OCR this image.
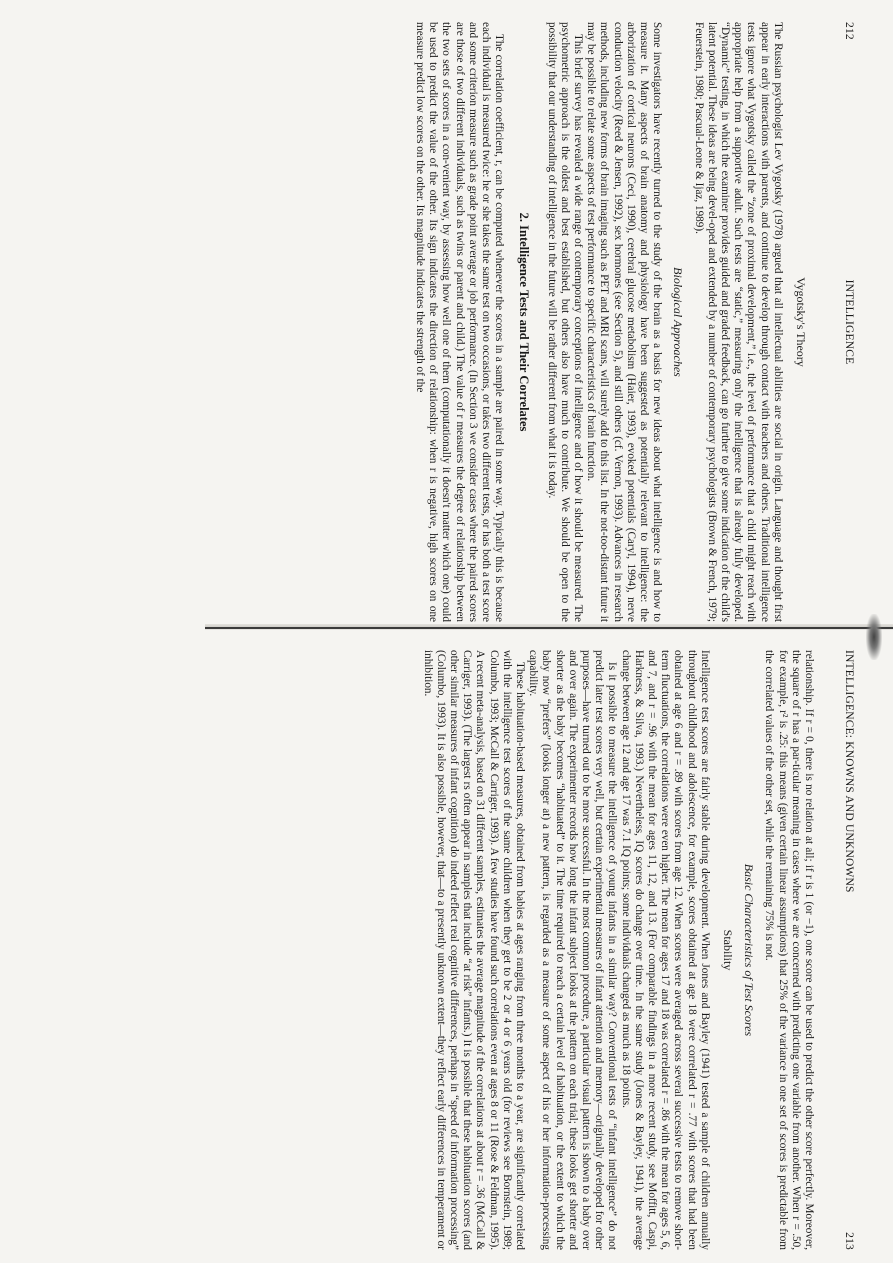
212
INTELLIGENCE
Vygotsky's Theory

The Russian psychologist Lev Vygotsky (1978) argued that all intellectual abilities are social in origin. Language and thought first appear in early interactions with parents, and continue to develop through contact with teachers and others. Traditional intelligence tests ignore what Vygotsky called the “zone of proximal development,” i.e., the level of performance that a child might reach with appropriate help from a supportive adult. Such tests are “static,” measuring only the intelligence that is already fully developed. “Dynamic” testing, in which the examiner provides guided and graded feedback, can go further to give some indication of the child's latent potential. These ideas are being devel-oped and extended by a number of contemporary psychologists (Brown & French, 1979; Feuerstein, 1980; Pascual-Leone & Ijaz, 1989).

Biological Approaches

Some investigators have recently turned to the study of the brain as a basis for new ideas about what intelligence is and how to measure it. Many aspects of brain anatomy and physiology have been suggested as potentially relevant to intelligence: the arborization of cortical neurons (Ceci, 1990), cerebral glucose metabolism (Haier, 1993), evoked potentials (Caryl, 1994), nerve conduction velocity (Reed & Jensen, 1992), sex hormones (see Section 5), and still others (cf. Vernon, 1993). Advances in research methods, including new forms of brain imaging such as PET and MRI scans, will surely add to this list. In the not-too-distant future it may be possible to relate some aspects of test performance to specific characteristics of brain function.

This brief survey has revealed a wide range of contemporary conceptions of intelligence and of how it should be measured. The psychometric approach is the oldest and best established, but others also have much to contribute. We should be open to the possibility that our understanding of intelligence in the future will be rather different from what it is today.

2. Intelligence Tests and Their Correlates

The correlation coefficient, r, can be computed whenever the scores in a sample are paired in some way. Typically this is because each individual is measured twice: he or she takes the same test on two occasions, or takes two different tests, or has both a test score and some criterion measure such as grade point average or job performance. (In Section 3 we consider cases where the paired scores are those of two different individuals, such as twins or parent and child.) The value of r measures the degree of relationship between the two sets of scores in a con-venient way, by assessing how well one of them (computationally it doesn't matter which one) could be used to predict the value of the other. Its sign indicates the direction of relationship: when r is negative, high scores on one measure predict low scores on the other. Its magnitude indicates the strength of the

INTELLIGENCE: KNOWNS AND UNKNOWNS
213

relationship. If r = 0, there is no relation at all; if r is 1 (or −1), one score can be used to predict the other score perfectly. Moreover, the square of r has a par-ticular meaning in cases where we are concerned with predicting one variable from another. When r = .50, for example, r² is .25: this means (given certain linear assumptions) that 25% of the variance in one set of scores is predictable from the correlated values of the other set, while the remaining 75% is not.

Basic Characteristics of Test Scores
Stability

Intelligence test scores are fairly stable during development. When Jones and Bayley (1941) tested a sample of children annually throughout childhood and adolescence, for example, scores obtained at age 18 were correlated r = .77 with scores that had been obtained at age 6 and r = .89 with scores from age 12. When scores were averaged across several successive tests to remove short-term fluctuations, the correlations were even higher. The mean for ages 17 and 18 was correlated r = .86 with the mean for ages 5, 6, and 7, and r = .96 with the mean for ages 11, 12, and 13. (For comparable findings in a more recent study, see Moffitt, Caspi, Harkness, & Silva, 1993.) Nevertheless, IQ scores do change over time. In the same study (Jones & Bayley, 1941), the average change between age 12 and age 17 was 7.1 IQ points; some individuals changed as much as 18 points.

Is it possible to measure the intelligence of young infants in a similar way? Conventional tests of “infant intelligence” do not predict later test scores very well, but certain experimental measures of infant attention and memory—originally developed for other purposes—have turned out to be more successful. In the most common procedure, a particular visual pattern is shown to a baby over and over again. The experimenter records how long the infant subject looks at the pattern on each trial; these looks get shorter and shorter as the baby becomes “habituated” to it. The time required to reach a certain level of habituation, or the extent to which the baby now “prefers” (looks longer at) a new pattern, is regarded as a measure of some aspect of his or her information-processing capability.

These habituation-based measures, obtained from babies at ages ranging from three months to a year, are significantly correlated with the intelligence test scores of the same children when they get to be 2 or 4 or 6 years old (for reviews see Bornstein, 1989; Columbo, 1993; McCall & Carriger, 1993). A few studies have found such correlations even at ages 8 or 11 (Rose & Feldman, 1995). A recent meta-analysis, based on 31 different samples, estimates the average magnitude of the correlations at about r = .36 (McCall & Carriger, 1993). (The largest rs often appear in samples that include “at risk” infants.) It is possible that these habituation scores (and other similar measures of infant cognition) do indeed reflect real cognitive differences, perhaps in “speed of information processing” (Columbo, 1993). It is also possible, however, that—to a presently unknown extent—they reflect early differences in temperament or inhibition.
